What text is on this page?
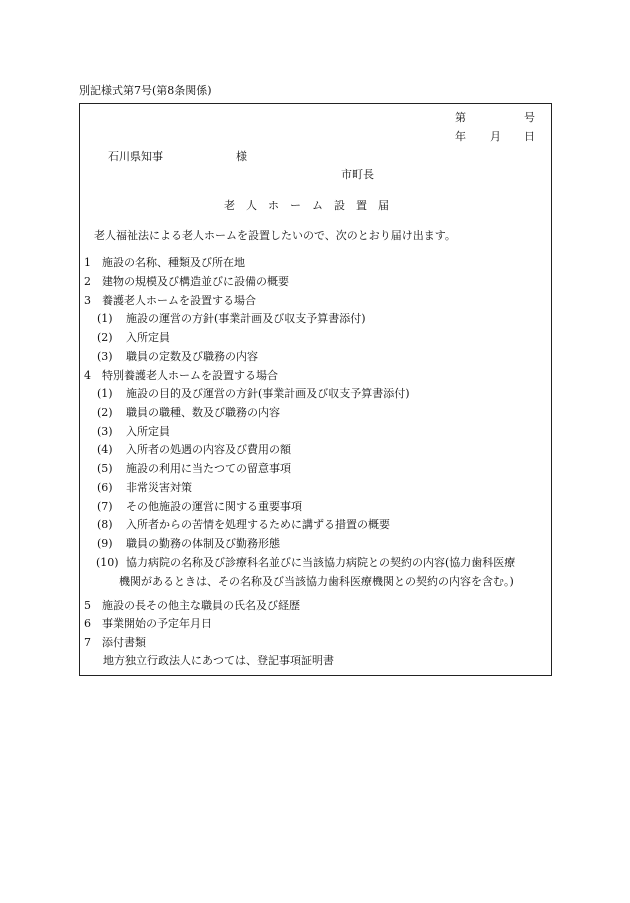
別記様式第7号(第8条関係)
第	号
年 月 日
石川県知事	様
市町長
老人ホーム設置届
老人福祉法による老人ホームを設置したいので、次のとおり届け出ます。
1 施設の名称、種類及び所在地
2 建物の規模及び構造並びに設備の概要
3 養護老人ホームを設置する場合
(1) 施設の運営の方針(事業計画及び収支予算書添付)
(2) 入所定員
(3) 職員の定数及び職務の内容
4 特別養護老人ホームを設置する場合
(1) 施設の目的及び運営の方針(事業計画及び収支予算書添付)
(2) 職員の職種、数及び職務の内容
(3) 入所定員
(4) 入所者の処遇の内容及び費用の額
(5) 施設の利用に当たつての留意事項
(6) 非常災害対策
(7) その他施設の運営に関する重要事項
(8) 入所者からの苦情を処理するために講ずる措置の概要
(9) 職員の勤務の体制及び勤務形態
(10) 協力病院の名称及び診療科名並びに当該協力病院との契約の内容(協力歯科医療
機関があるときは、その名称及び当該協力歯科医療機関との契約の内容を含む。)
5 施設の長その他主な職員の氏名及び経歴
6 事業開始の予定年月日
7 添付書類
地方独立行政法人にあつては、登記事項証明書
